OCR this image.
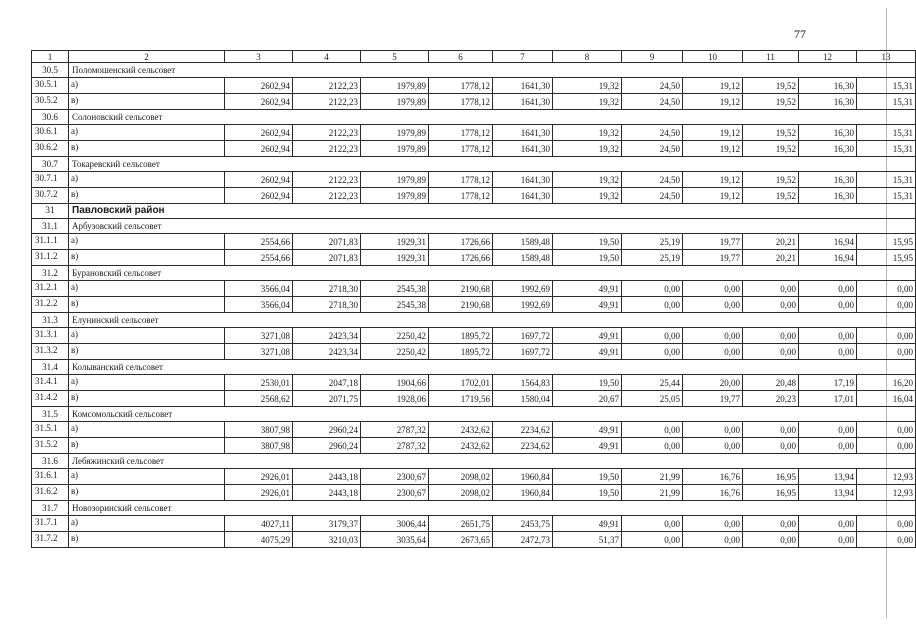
77
1	2	3	4	5	6	7	8	9	10	11	12	13
30.5	Поломошенский сельсовет											
30.5.1	а)	2602,94	2122,23	1979,89	1778,12	1641,30	19,32	24,50	19,12	19,52	16,30	15,31
30.5.2	в)	2602,94	2122,23	1979,89	1778,12	1641,30	19,32	24,50	19,12	19,52	16,30	15,31
30.6	Солоновский сельсовет											
30.6.1	а)	2602,94	2122,23	1979,89	1778,12	1641,30	19,32	24,50	19,12	19,52	16,30	15,31
30.6.2	в)	2602,94	2122,23	1979,89	1778,12	1641,30	19,32	24,50	19,12	19,52	16,30	15,31
30.7	Токаревский сельсовет											
30.7.1	а)	2602,94	2122,23	1979,89	1778,12	1641,30	19,32	24,50	19,12	19,52	16,30	15,31
30.7.2	в)	2602,94	2122,23	1979,89	1778,12	1641,30	19,32	24,50	19,12	19,52	16,30	15,31
31	Павловский район											
31.1	Арбузовский сельсовет											
31.1.1	а)	2554,66	2071,83	1929,31	1726,66	1589,48	19,50	25,19	19,77	20,21	16,94	15,95
31.1.2	в)	2554,66	2071,83	1929,31	1726,66	1589,48	19,50	25,19	19,77	20,21	16,94	15,95
31.2	Бурановский сельсовет											
31.2.1	а)	3566,04	2718,30	2545,38	2190,68	1992,69	49,91	0,00	0,00	0,00	0,00	0,00
31.2.2	в)	3566,04	2718,30	2545,38	2190,68	1992,69	49,91	0,00	0,00	0,00	0,00	0,00
31.3	Елунинский сельсовет											
31.3.1	а)	3271,08	2423,34	2250,42	1895,72	1697,72	49,91	0,00	0,00	0,00	0,00	0,00
31.3.2	в)	3271,08	2423,34	2250,42	1895,72	1697,72	49,91	0,00	0,00	0,00	0,00	0,00
31.4	Колыванский сельсовет											
31.4.1	а)	2530,01	2047,18	1904,66	1702,01	1564,83	19,50	25,44	20,00	20,48	17,19	16,20
31.4.2	в)	2568,62	2071,75	1928,06	1719,56	1580,04	20,67	25,05	19,77	20,23	17,01	16,04
31.5	Комсомольский сельсовет											
31.5.1	а)	3807,98	2960,24	2787,32	2432,62	2234,62	49,91	0,00	0,00	0,00	0,00	0,00
31.5.2	в)	3807,98	2960,24	2787,32	2432,62	2234,62	49,91	0,00	0,00	0,00	0,00	0,00
31.6	Лебяжинский сельсовет											
31.6.1	а)	2926,01	2443,18	2300,67	2098,02	1960,84	19,50	21,99	16,76	16,95	13,94	12,93
31.6.2	в)	2926,01	2443,18	2300,67	2098,02	1960,84	19,50	21,99	16,76	16,95	13,94	12,93
31.7	Новозоринский сельсовет											
31.7.1	а)	4027,11	3179,37	3006,44	2651,75	2453,75	49,91	0,00	0,00	0,00	0,00	0,00
31.7.2	в)	4075,29	3210,03	3035,64	2673,65	2472,73	51,37	0,00	0,00	0,00	0,00	0,00
